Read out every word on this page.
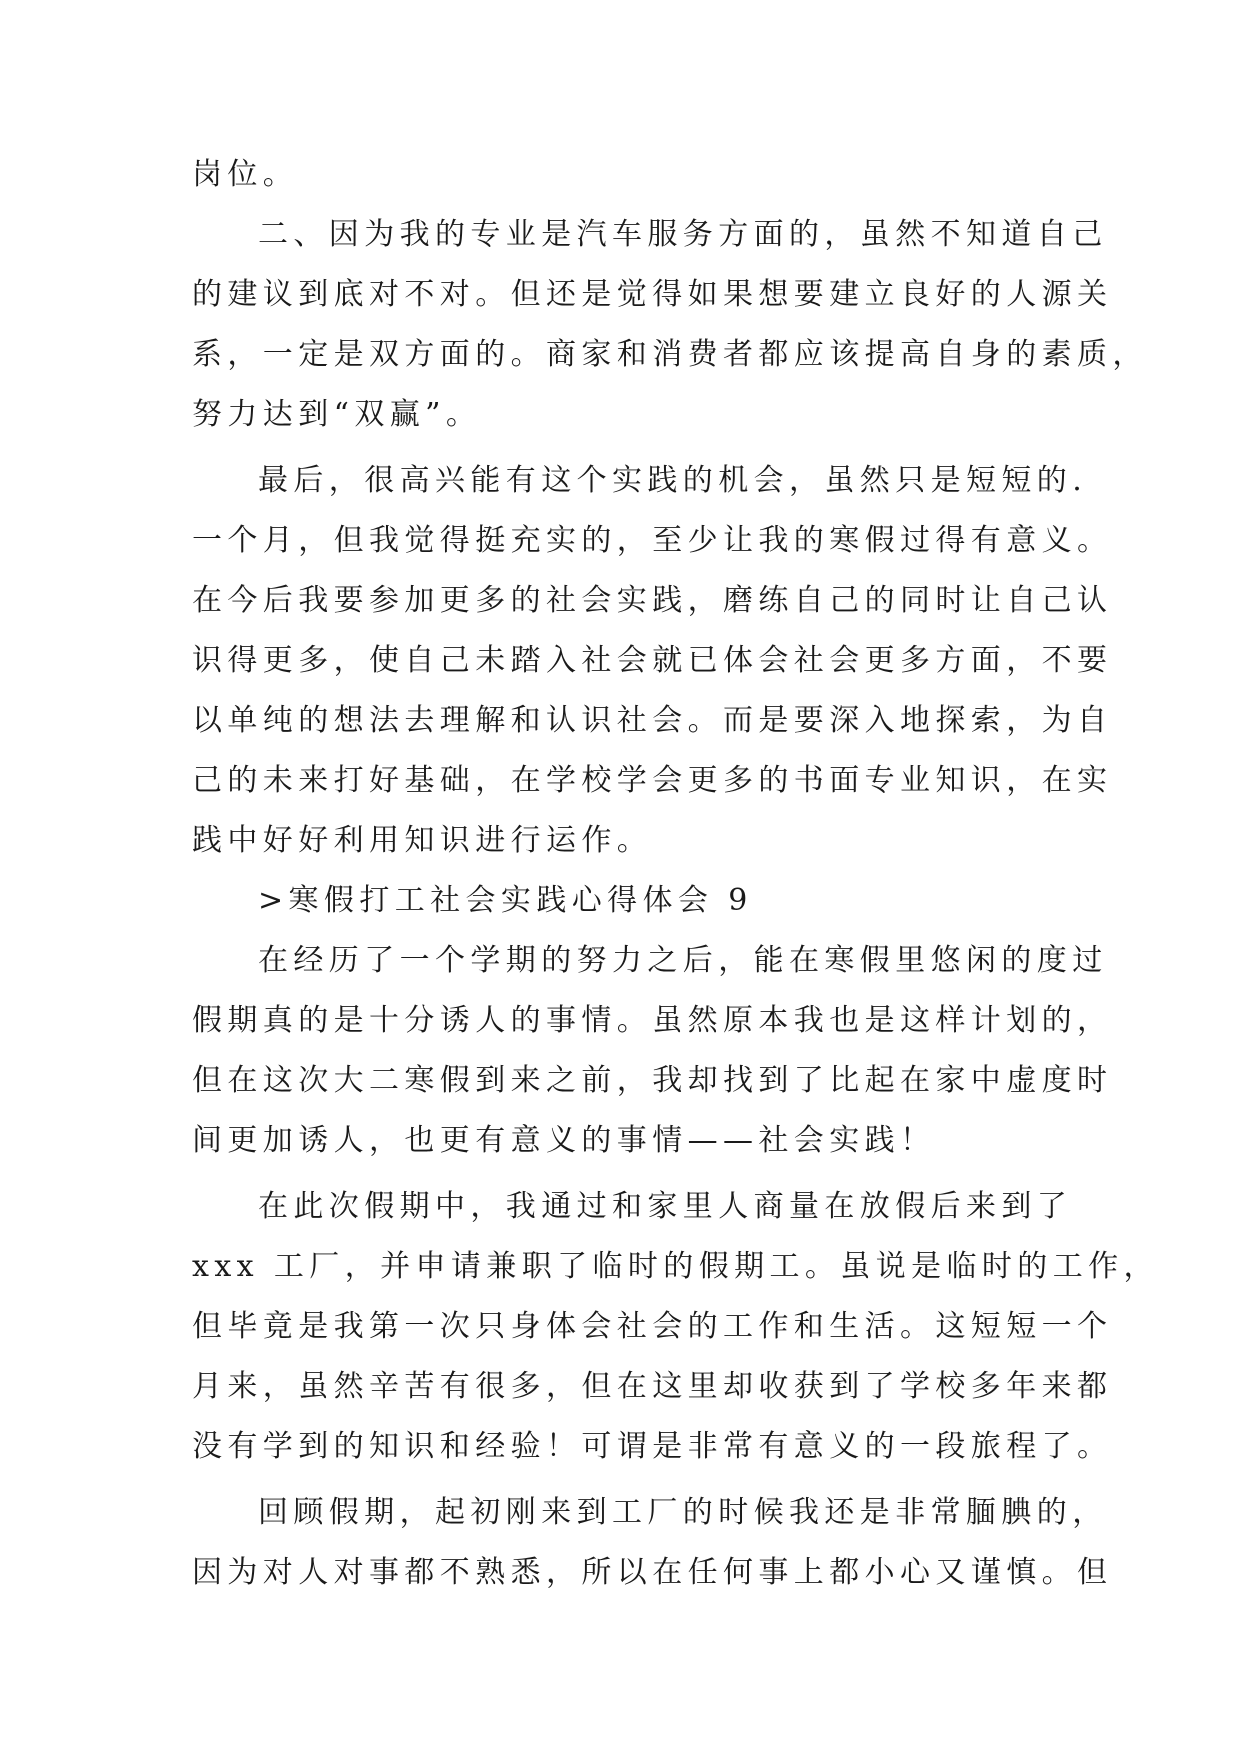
岗位。
二、因为我的专业是汽车服务方面的，虽然不知道自己
的建议到底对不对。但还是觉得如果想要建立良好的人源关
系，一定是双方面的。商家和消费者都应该提高自身的素质，
努力达到“双赢”。
最后，很高兴能有这个实践的机会，虽然只是短短的.
一个月，但我觉得挺充实的，至少让我的寒假过得有意义。
在今后我要参加更多的社会实践，磨练自己的同时让自己认
识得更多，使自己未踏入社会就已体会社会更多方面，不要
以单纯的想法去理解和认识社会。而是要深入地探索，为自
己的未来打好基础，在学校学会更多的书面专业知识，在实
践中好好利用知识进行运作。
>寒假打工社会实践心得体会 9
在经历了一个学期的努力之后，能在寒假里悠闲的度过
假期真的是十分诱人的事情。虽然原本我也是这样计划的，
但在这次大二寒假到来之前，我却找到了比起在家中虚度时
间更加诱人，也更有意义的事情——社会实践！
在此次假期中，我通过和家里人商量在放假后来到了
xxx 工厂，并申请兼职了临时的假期工。虽说是临时的工作，
但毕竟是我第一次只身体会社会的工作和生活。这短短一个
月来，虽然辛苦有很多，但在这里却收获到了学校多年来都
没有学到的知识和经验！可谓是非常有意义的一段旅程了。
回顾假期，起初刚来到工厂的时候我还是非常腼腆的，
因为对人对事都不熟悉，所以在任何事上都小心又谨慎。但
